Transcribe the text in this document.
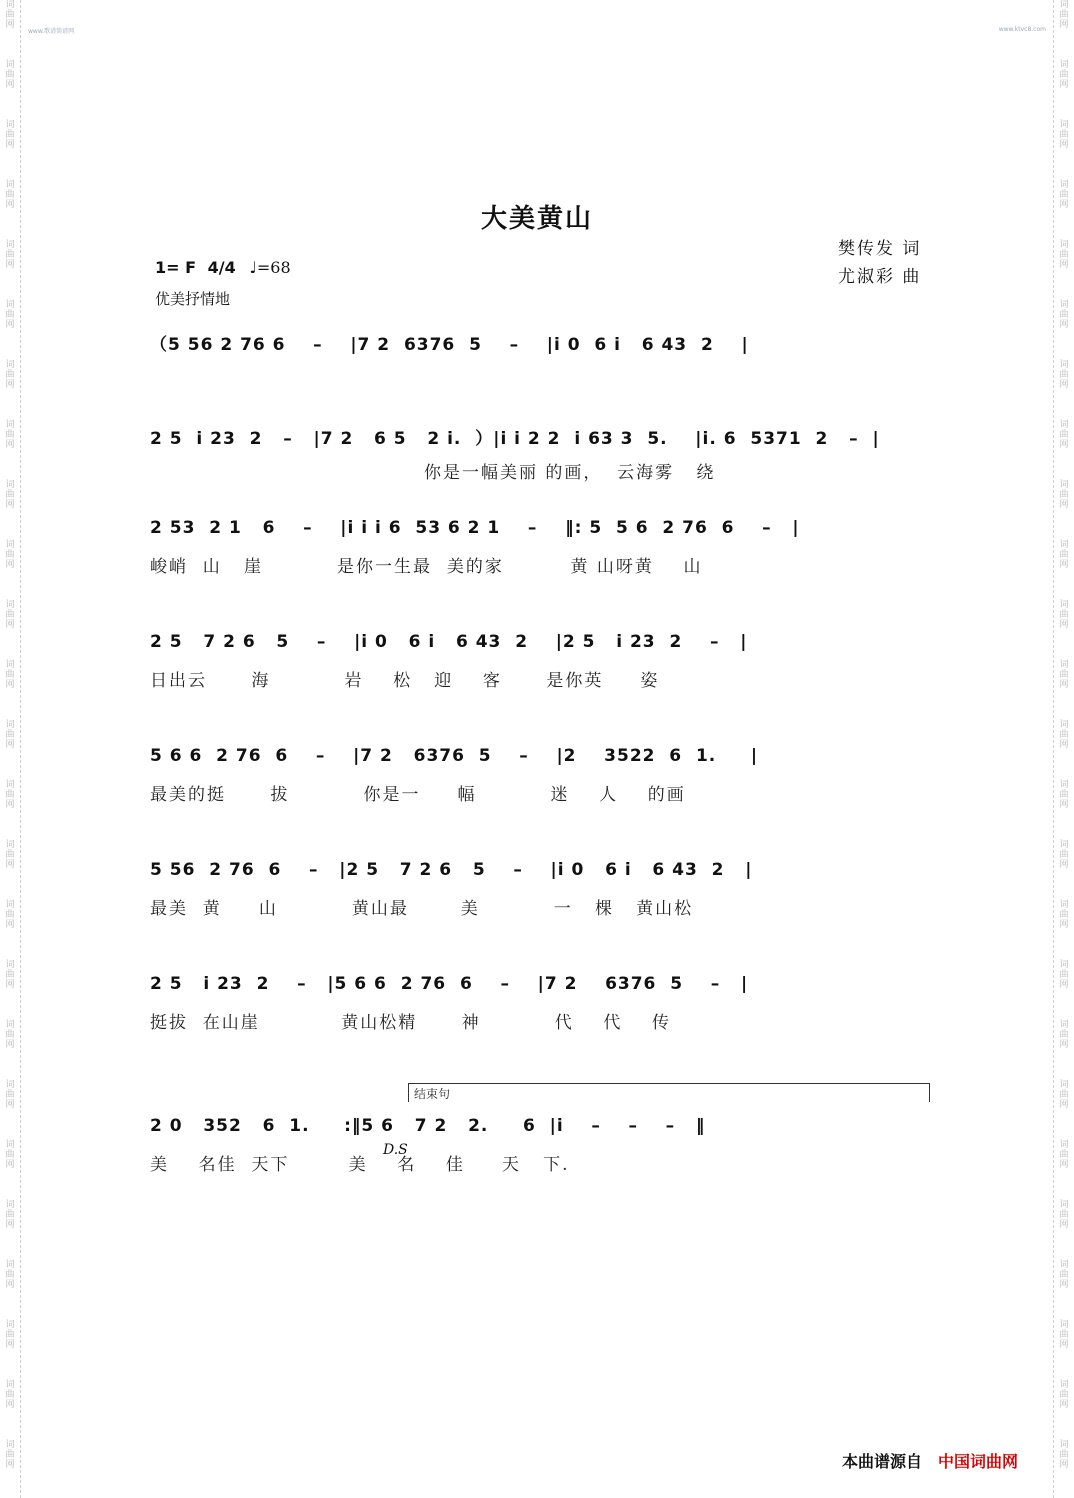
词曲网
词曲网
词曲网
词曲网
词曲网
词曲网
词曲网
词曲网
词曲网
词曲网
词曲网
词曲网
词曲网
词曲网
词曲网
词曲网
词曲网
词曲网
词曲网
词曲网
词曲网
词曲网
词曲网
词曲网
词曲网
词曲网
词曲网
词曲网
词曲网
词曲网
词曲网
词曲网
词曲网
词曲网
词曲网
词曲网
词曲网
词曲网
词曲网
词曲网
词曲网
词曲网
词曲网
词曲网
词曲网
词曲网
词曲网
词曲网
词曲网
词曲网
www.歌谱简谱网	www.ktvc8.com
大美黄山
樊传发 词
尤淑彩 曲
1= F 4/4 ♩=68
优美抒情地
（5 56 2 76 6    –    |7 2  6376  5    –    |i 0  6 i   6 43  2    |
2 5  i 23  2   –   |7 2   6 5   2 i.  ）|i i 2 2  i 63 3  5.    |i. 6  5371  2   –  |
你是一幅美丽 的画，  云海雾   绕
2 53  2 1   6    –    |i i i 6  53 6 2 1    –    ‖: 5  5 6  2 76  6    –   |
峻峭  山   崖          是你一生最  美的家         黄 山呀黄    山
2 5   7 2 6   5    –    |i 0   6 i   6 43  2    |2 5   i 23  2    –   |
日出云      海          岩    松   迎    客      是你英     姿
5 6 6  2 76  6    –    |7 2   6376  5    –    |2    3522  6  1.     |
最美的挺      拔          你是一     幅          迷    人    的画
5 56  2 76  6    –   |2 5   7 2 6   5    –    |i 0   6 i   6 43  2   |
最美  黄     山          黄山最       美          一   棵   黄山松
2 5   i 23  2    –   |5 6 6  2 76  6    –    |7 2    6376  5    –   |
挺拔  在山崖           黄山松精      神          代    代    传
结束句
2 0   352   6  1.     :‖5 6   7 2   2.     6  |i    –    –    –   ‖
美    名佳  天下        美    名    佳     天   下.
D.S
本曲谱源自 中国词曲网
